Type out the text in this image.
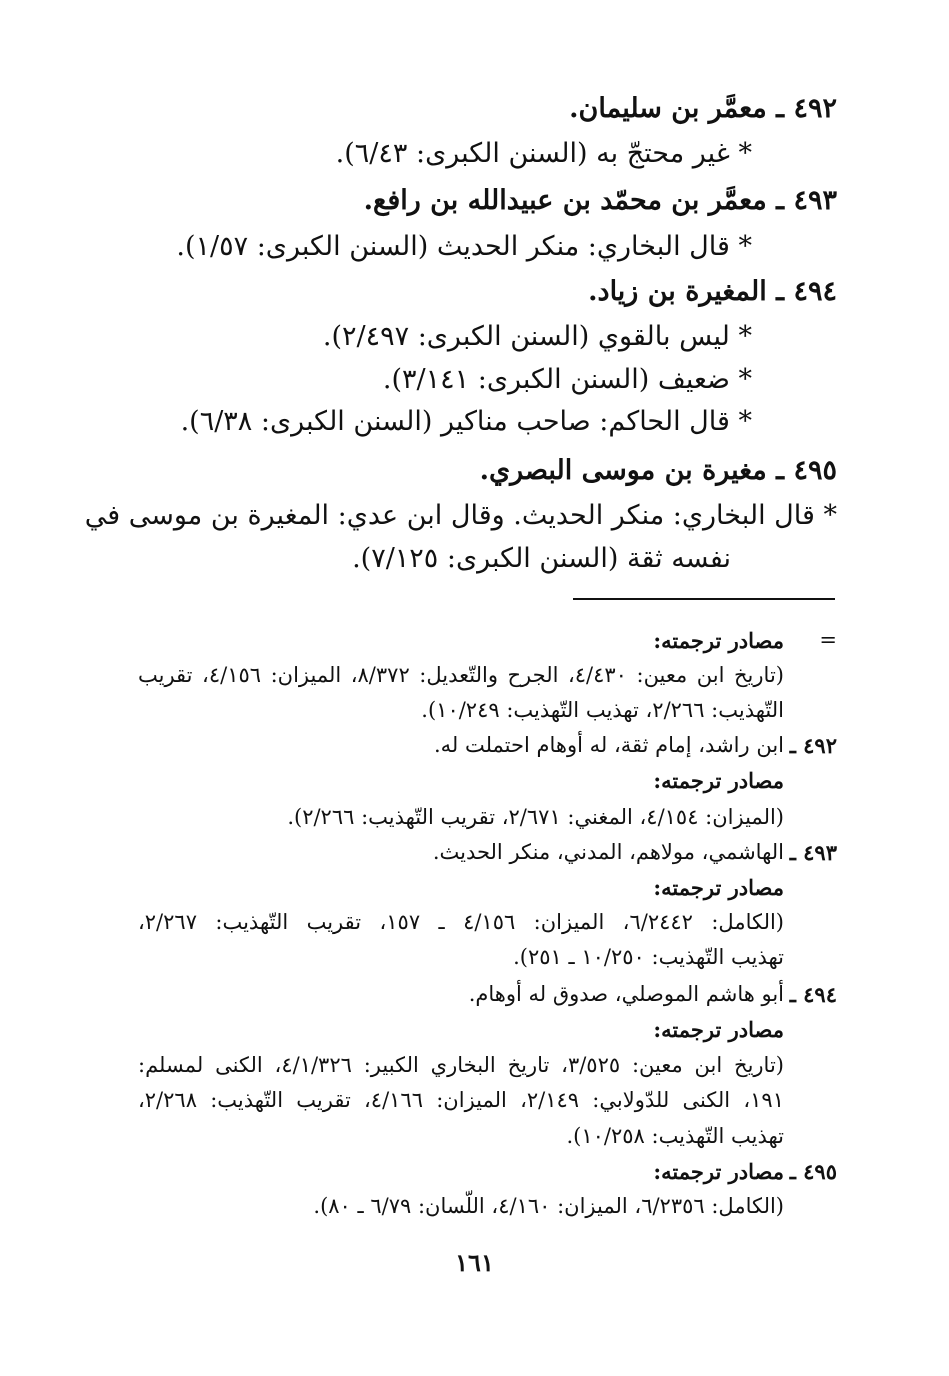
٤٩٢ ـ معمَّر بن سليمان.
* غير محتجّ به (السنن الكبرى: ٦/٤٣).
٤٩٣ ـ معمَّر بن محمّد بن عبيدالله بن رافع.
* قال البخاري: منكر الحديث (السنن الكبرى: ١/٥٧).
٤٩٤ ـ المغيرة بن زياد.
* ليس بالقوي (السنن الكبرى: ٢/٤٩٧).
* ضعيف (السنن الكبرى: ٣/١٤١).
* قال الحاكم: صاحب مناكير (السنن الكبرى: ٦/٣٨).
٤٩٥ ـ مغيرة بن موسى البصري.
* قال البخاري: منكر الحديث. وقال ابن عدي: المغيرة بن موسى في
نفسه ثقة (السنن الكبرى: ٧/١٢٥).
=
مصادر ترجمته:
(تاريخ ابن معين: ٤/٤٣٠، الجرح والتّعديل: ٨/٣٧٢، الميزان: ٤/١٥٦، تقريب
التّهذيب: ٢/٢٦٦، تهذيب التّهذيب: ١٠/٢٤٩).
٤٩٢ ـ
ابن راشد، إمام ثقة، له أوهام احتملت له.
مصادر ترجمته:
(الميزان: ٤/١٥٤، المغني: ٢/٦٧١، تقريب التّهذيب: ٢/٢٦٦).
٤٩٣ ـ
الهاشمي، مولاهم، المدني، منكر الحديث.
مصادر ترجمته:
(الكامل: ٦/٢٤٤٢، الميزان: ٤/١٥٦ ـ ١٥٧، تقريب التّهذيب: ٢/٢٦٧،
تهذيب التّهذيب: ١٠/٢٥٠ ـ ٢٥١).
٤٩٤ ـ
أبو هاشم الموصلي، صدوق له أوهام.
مصادر ترجمته:
(تاريخ ابن معين: ٣/٥٢٥، تاريخ البخاري الكبير: ٤/١/٣٢٦، الكنى لمسلم:
١٩١، الكنى للدّولابي: ٢/١٤٩، الميزان: ٤/١٦٦، تقريب التّهذيب: ٢/٢٦٨،
تهذيب التّهذيب: ١٠/٢٥٨).
٤٩٥ ـ
مصادر ترجمته:
(الكامل: ٦/٢٣٥٦، الميزان: ٤/١٦٠، اللّسان: ٦/٧٩ ـ ٨٠).
١٦١
